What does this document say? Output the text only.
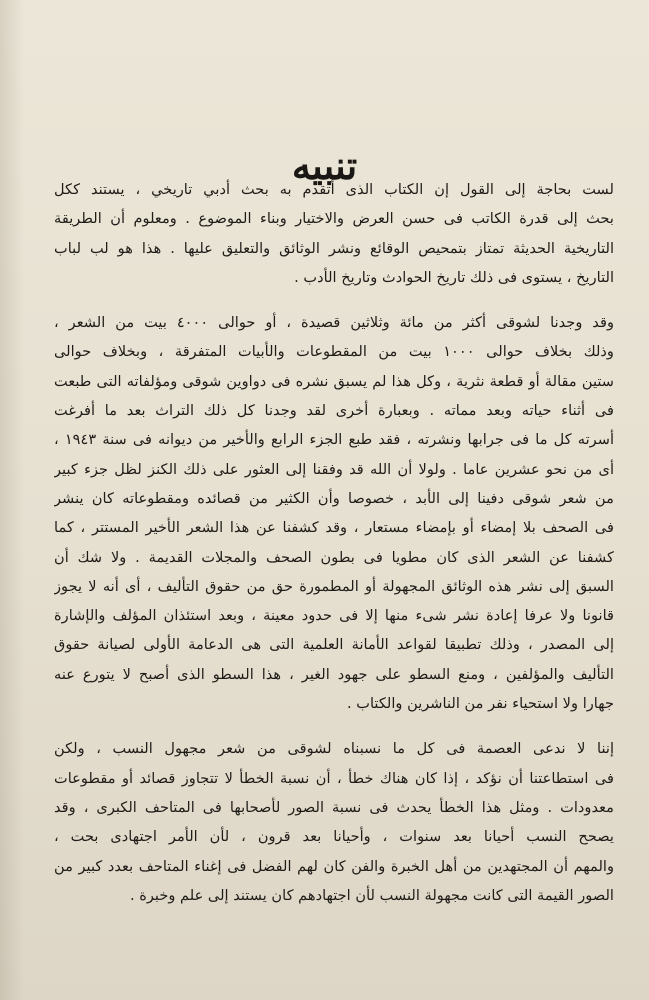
تنبيه
لست بحاجة إلى القول إن الكتاب الذى أتقدم به بحث أدبي تاريخي ، يستند ككل
بحث إلى قدرة الكاتب فى حسن العرض والاختيار وبناء الموضوع . ومعلوم أن الطريقة
التاريخية الحديثة تمتاز بتمحيص الوقائع ونشر الوثائق والتعليق عليها . هذا هو لب لباب
التاريخ ، يستوى فى ذلك تاريخ الحوادث وتاريخ الأدب .
وقد وجدنا لشوقى أكثر من مائة وثلاثين قصيدة ، أو حوالى ٤٠٠٠ بيت من الشعر ،
وذلك بخلاف حوالى ١٠٠٠ بيت من المقطوعات والأبيات المتفرقة ، وبخلاف حوالى
ستين مقالة أو قطعة نثرية ، وكل هذا لم يسبق نشره فى دواوين شوقى ومؤلفاته التى طبعت
فى أثناء حياته وبعد مماته . وبعبارة أخرى لقد وجدنا كل ذلك التراث بعد ما أفرغت
أسرته كل ما فى جرابها ونشرته ، فقد طبع الجزء الرابع والأخير من ديوانه فى سنة ١٩٤٣ ،
أى من نحو عشرين عاما . ولولا أن الله قد وفقنا إلى العثور على ذلك الكنز لظل جزء كبير
من شعر شوقى دفينا إلى الأبد ، خصوصا وأن الكثير من قصائده ومقطوعاته كان ينشر
فى الصحف بلا إمضاء أو بإمضاء مستعار ، وقد كشفنا عن هذا الشعر الأخير المستتر ، كما
كشفنا عن الشعر الذى كان مطويا فى بطون الصحف والمجلات القديمة . ولا شك أن
السبق إلى نشر هذه الوثائق المجهولة أو المطمورة حق من حقوق التأليف ، أى أنه لا يجوز
قانونا ولا عرفا إعادة نشر شىء منها إلا فى حدود معينة ، وبعد استئذان المؤلف والإشارة
إلى المصدر ، وذلك تطبيقا لقواعد الأمانة العلمية التى هى الدعامة الأولى لصيانة حقوق
التأليف والمؤلفين ، ومنع السطو على جهود الغير ، هذا السطو الذى أصبح لا يتورع عنه
جهارا ولا استحياء نفر من الناشرين والكتاب .
إننا لا ندعى العصمة فى كل ما نسبناه لشوقى من شعر مجهول النسب ، ولكن
فى استطاعتنا أن نؤكد ، إذا كان هناك خطأ ، أن نسبة الخطأ لا تتجاوز قصائد أو مقطوعات
معدودات . ومثل هذا الخطأ يحدث فى نسبة الصور لأصحابها فى المتاحف الكبرى ، وقد
يصحح النسب أحيانا بعد سنوات ، وأحيانا بعد قرون ، لأن الأمر اجتهادى بحت ،
والمهم أن المجتهدين من أهل الخبرة والفن كان لهم الفضل فى إغناء المتاحف بعدد كبير من
الصور القيمة التى كانت مجهولة النسب لأن اجتهادهم كان يستند إلى علم وخبرة .
